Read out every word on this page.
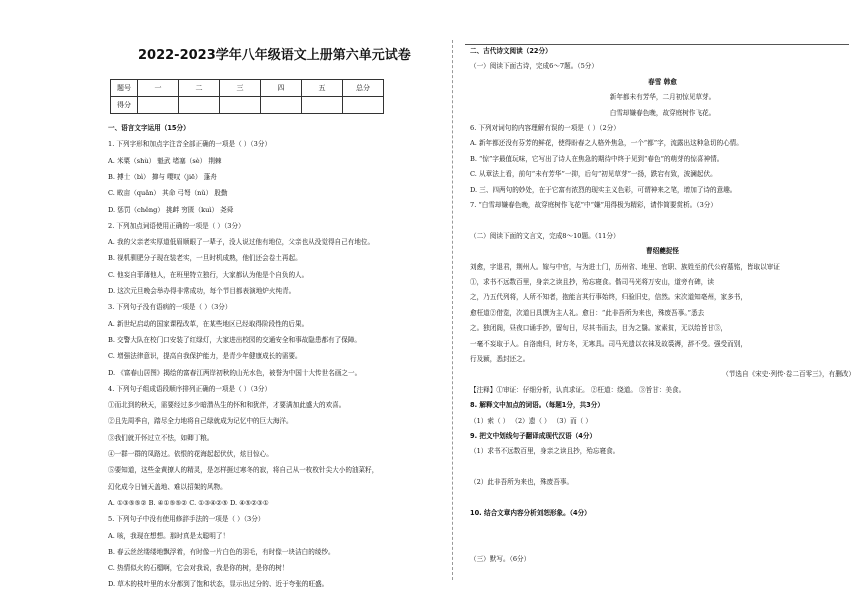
2022-2023学年八年级语文上册第六单元试卷
题号	一	二	三	四	五	总分
得分						
一、语言文字运用（15分）
1. 下列字形和加点字注音全部正确的一项是（ ）（3分）
A. 米粟（shù） 魁武 堵塞（sè） 荆棘
B. 搏士（bì） 撺与 嘤叹（jiē） 蓬舟
C. 畋亩（quǎn） 其命 弓弩（nǔ） 股勤
D. 惩罚（chěng） 挑衅 穷匮（kuì） 尧舜
2. 下列加点词语使用正确的一项是（ ）（3分）
A. 我的父亲老实厚道低眉顺眼了一辈子，没人说过他有地位，父亲也从没觉得自己有地位。
B. 视机驯肥分子现在装老实，一旦时机成熟，他们还会卷土再起。
C. 他妄自菲薄他人，在班里特立独行，大家都认为他是个自负的人。
D. 这次元旦晚会举办得非常成功，每个节目都表演地炉火纯青。
3. 下列句子没有语病的一项是（ ）（3分）
A. 新世纪启动的国家课程改革，在某些地区已经取得阶段性的后果。
B. 交警大队在校门口安装了红绿灯，大家进出校园的交通安全和事故隐患都有了保障。
C. 增强法律意识，提高自我保护能力，是青少年健康成长的需要。
D. 《富春山居图》揭绘的富春江两岸初秋的山光水色，被誉为中国十大传世名画之一。
4. 下列句子组成语段顺序排列正确的一项是（ ）（3分）
①而北到的秋天，需要经过多少暗潜丛生的怀和和犹伴，才要满加此盛大的欢喜。
②且先周季自，踏尽全力地将自己绿就成为记忆中的巨大海洋。
③我们就开怀过立不怯，如卿丁粮。
④一群一群的凤路过。依恨的花海起起伏伏，炫目惊心。
⑤要知道，这些金黄撩人的精灵，是怎样捱过寒冬的寂，将自己从一枚枚针尖大小的油菜籽，
幻化成今日铺天盖地、难以招架的风物。
A. ①③⑤⑤② B. ④①⑤⑤② C. ①③④②⑤ D. ④⑤②③①
5. 下列句子中没有使用修辞手法的一项是（ ）（3分）
A. 咳，我现在想想。那时真是太聪明了！
B. 春云丝丝缕缕地飘浮着，有时像一片白色的羽毛，有时像一块洁白的绫纱。
C. 热情似火的石榴啊，它会对我说，我是你的树，是你的树！
D. 草木的枝叶里的水分都到了饱和状态，显示出过分的、近于夸张的旺盛。
二、古代诗文阅读（22分）
（一）阅读下面古诗，完成6～7题。（5分）
春雪 韩愈
新年都未有芳华，二月初惊见草芽。
白雪却嫌春色晚，故穿庭树作飞花。
6. 下列对词句的内容理解有误的一项是（ ）（2分）
A. 新年都还没有芬芳的鲜花，使得盼春之人格外焦急，一个“都”字，流露出这种急切的心情。
B. “惊”字最值玩味，它写出了诗人在焦急的期待中终于见到“春色”的萌芽的惊喜神情。
C. 从章法上看，前句“未有芳华”一抑，后句“初见草芽”一扬，跌宕有致，波澜起伏。
D. 三、四两句的妙处，在于它富有浓烈的现实主义色彩，可谓神来之笔，增加了诗的意趣。
7. “白雪却嫌春色晚，故穿庭树作飞花”中“嫌”用得极为精彩，请作简要赏析。（3分）
（二）阅读下面的文言文，完成8～10题。（11分）
曹绍夔捉怪
刘愈，字退君，荆州人。嫁与中官，与为进士门，历州省、地里、官职、族姓至前代公府墓铭，皆取以审证
①，求书不远数百里，身亲之读且抄，殆忘寝食。偕司马光将万安山，道旁有碑，读
之，乃五代列将，人所不知者，抱能言其行事始终，归验旧史，信然。宋次道知亳州，家多书，
愈枉道②借览，次道日具馔为主人礼。愈日：“此非吾所为来也，殊废吾事。”悉去
之。独闭阁，昼夜口诵手抄，留旬日，尽其书而去，目为之翳。家素贫，无以给旨甘③，
一毫不妄取于人。自洛南归，时方冬，无寒具。司马光遗以衣袜及故裘褥，辞不受。强受而别，
行及颍，悉封还之。
（节选自《宋史·列传·卷二百零三》，有删改）
【注释】①审证：仔细分析，认真求证。 ②枉道：绕道。 ③旨甘：美食。
8. 解释文中加点的词语。（每题1分，共3分）
（1）索（ ） （2）遗（ ） （3）而（ ）
9. 把文中划线句子翻译成现代汉语（4分）
（1）求书不远数百里，身亲之读且抄，殆忘寝食。
（2）此非吾所为来也，殊废吾事。
10. 结合文章内容分析刘恕形象。（4分）
（三）默写。（6分）
